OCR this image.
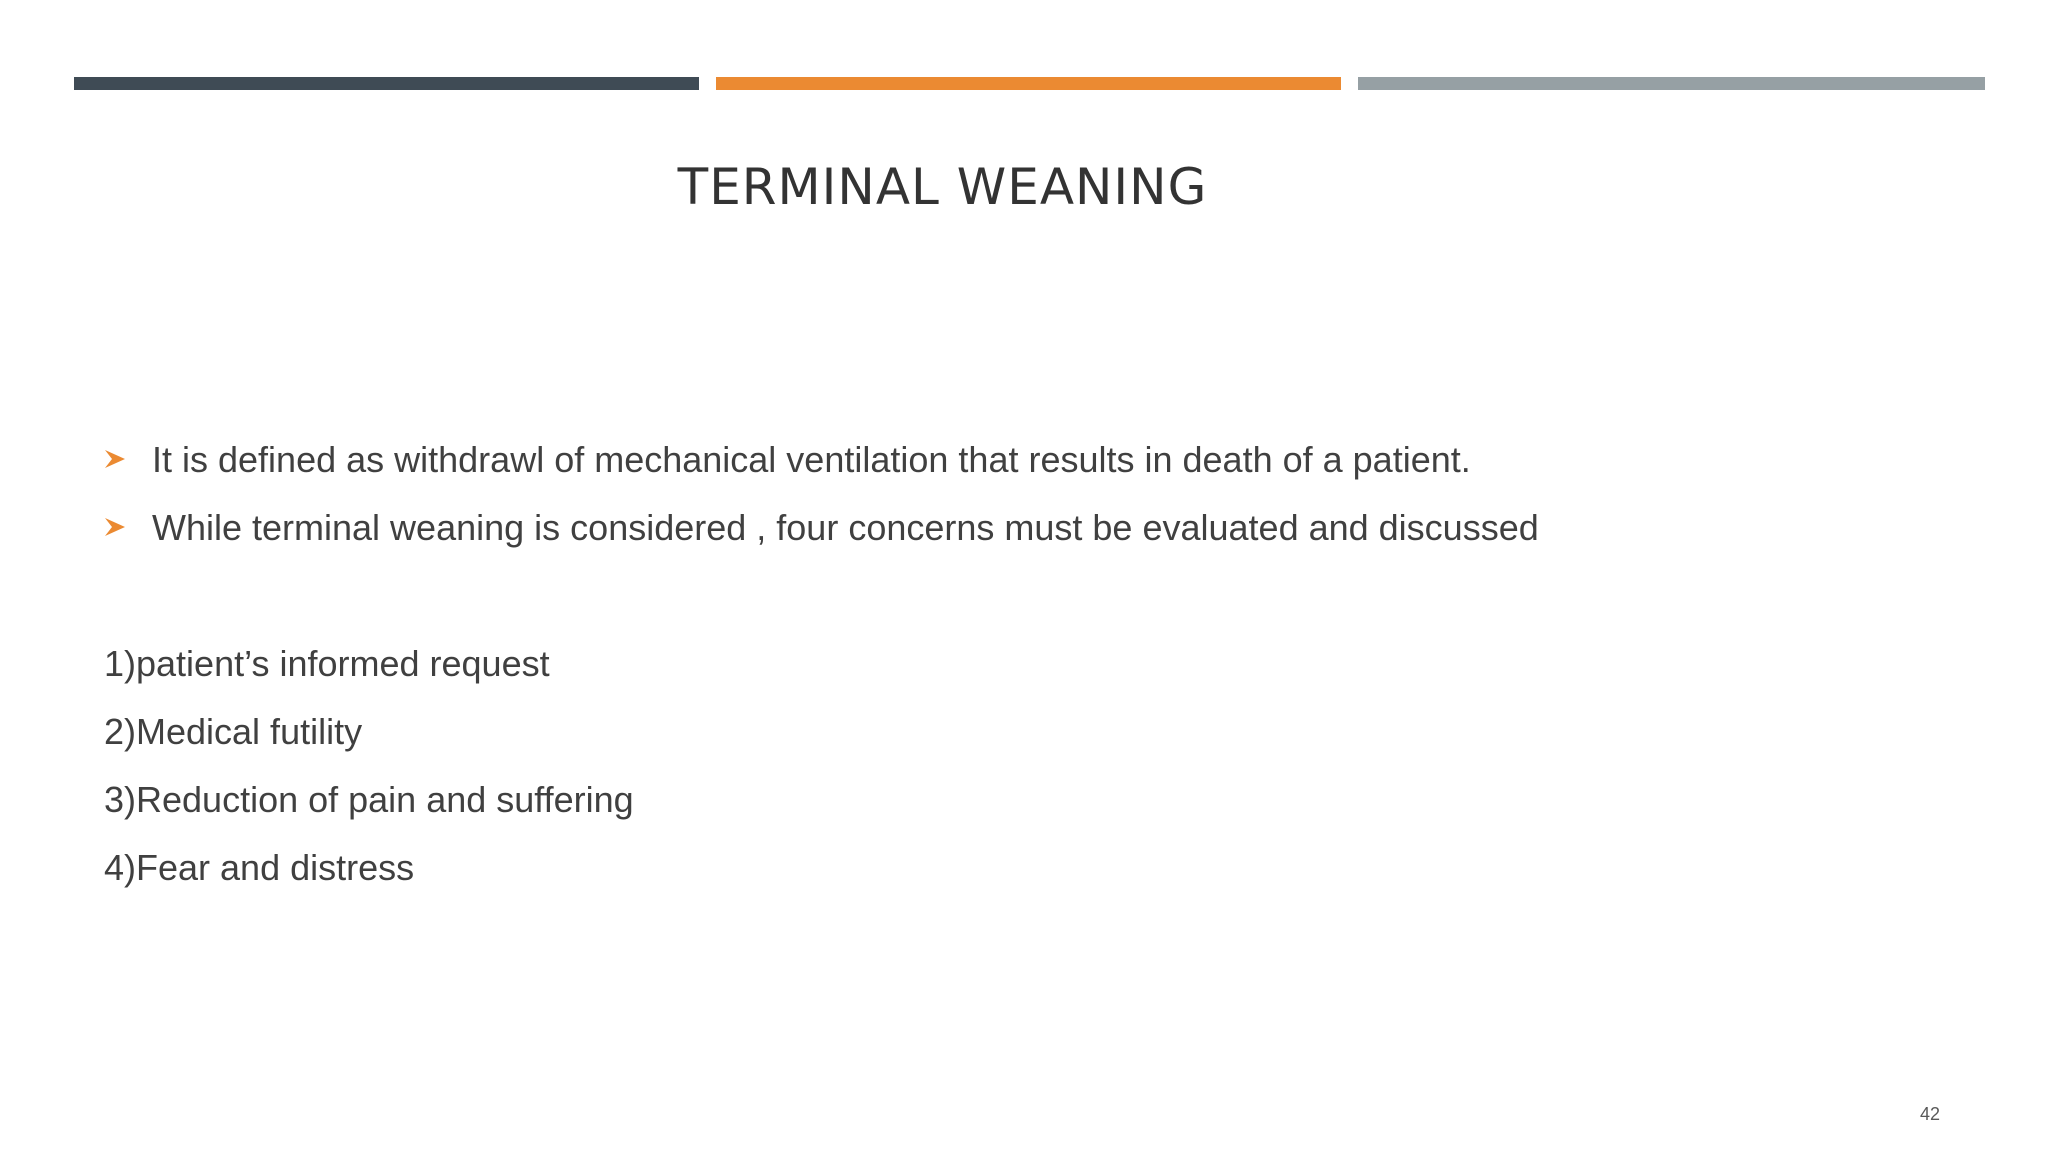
TERMINAL WEANING
It is defined as withdrawl of mechanical ventilation that results in death of a patient.
While terminal weaning is considered , four concerns must be evaluated and discussed
1)patient’s informed request
2)Medical futility
3)Reduction of pain and suffering
4)Fear and distress
42
